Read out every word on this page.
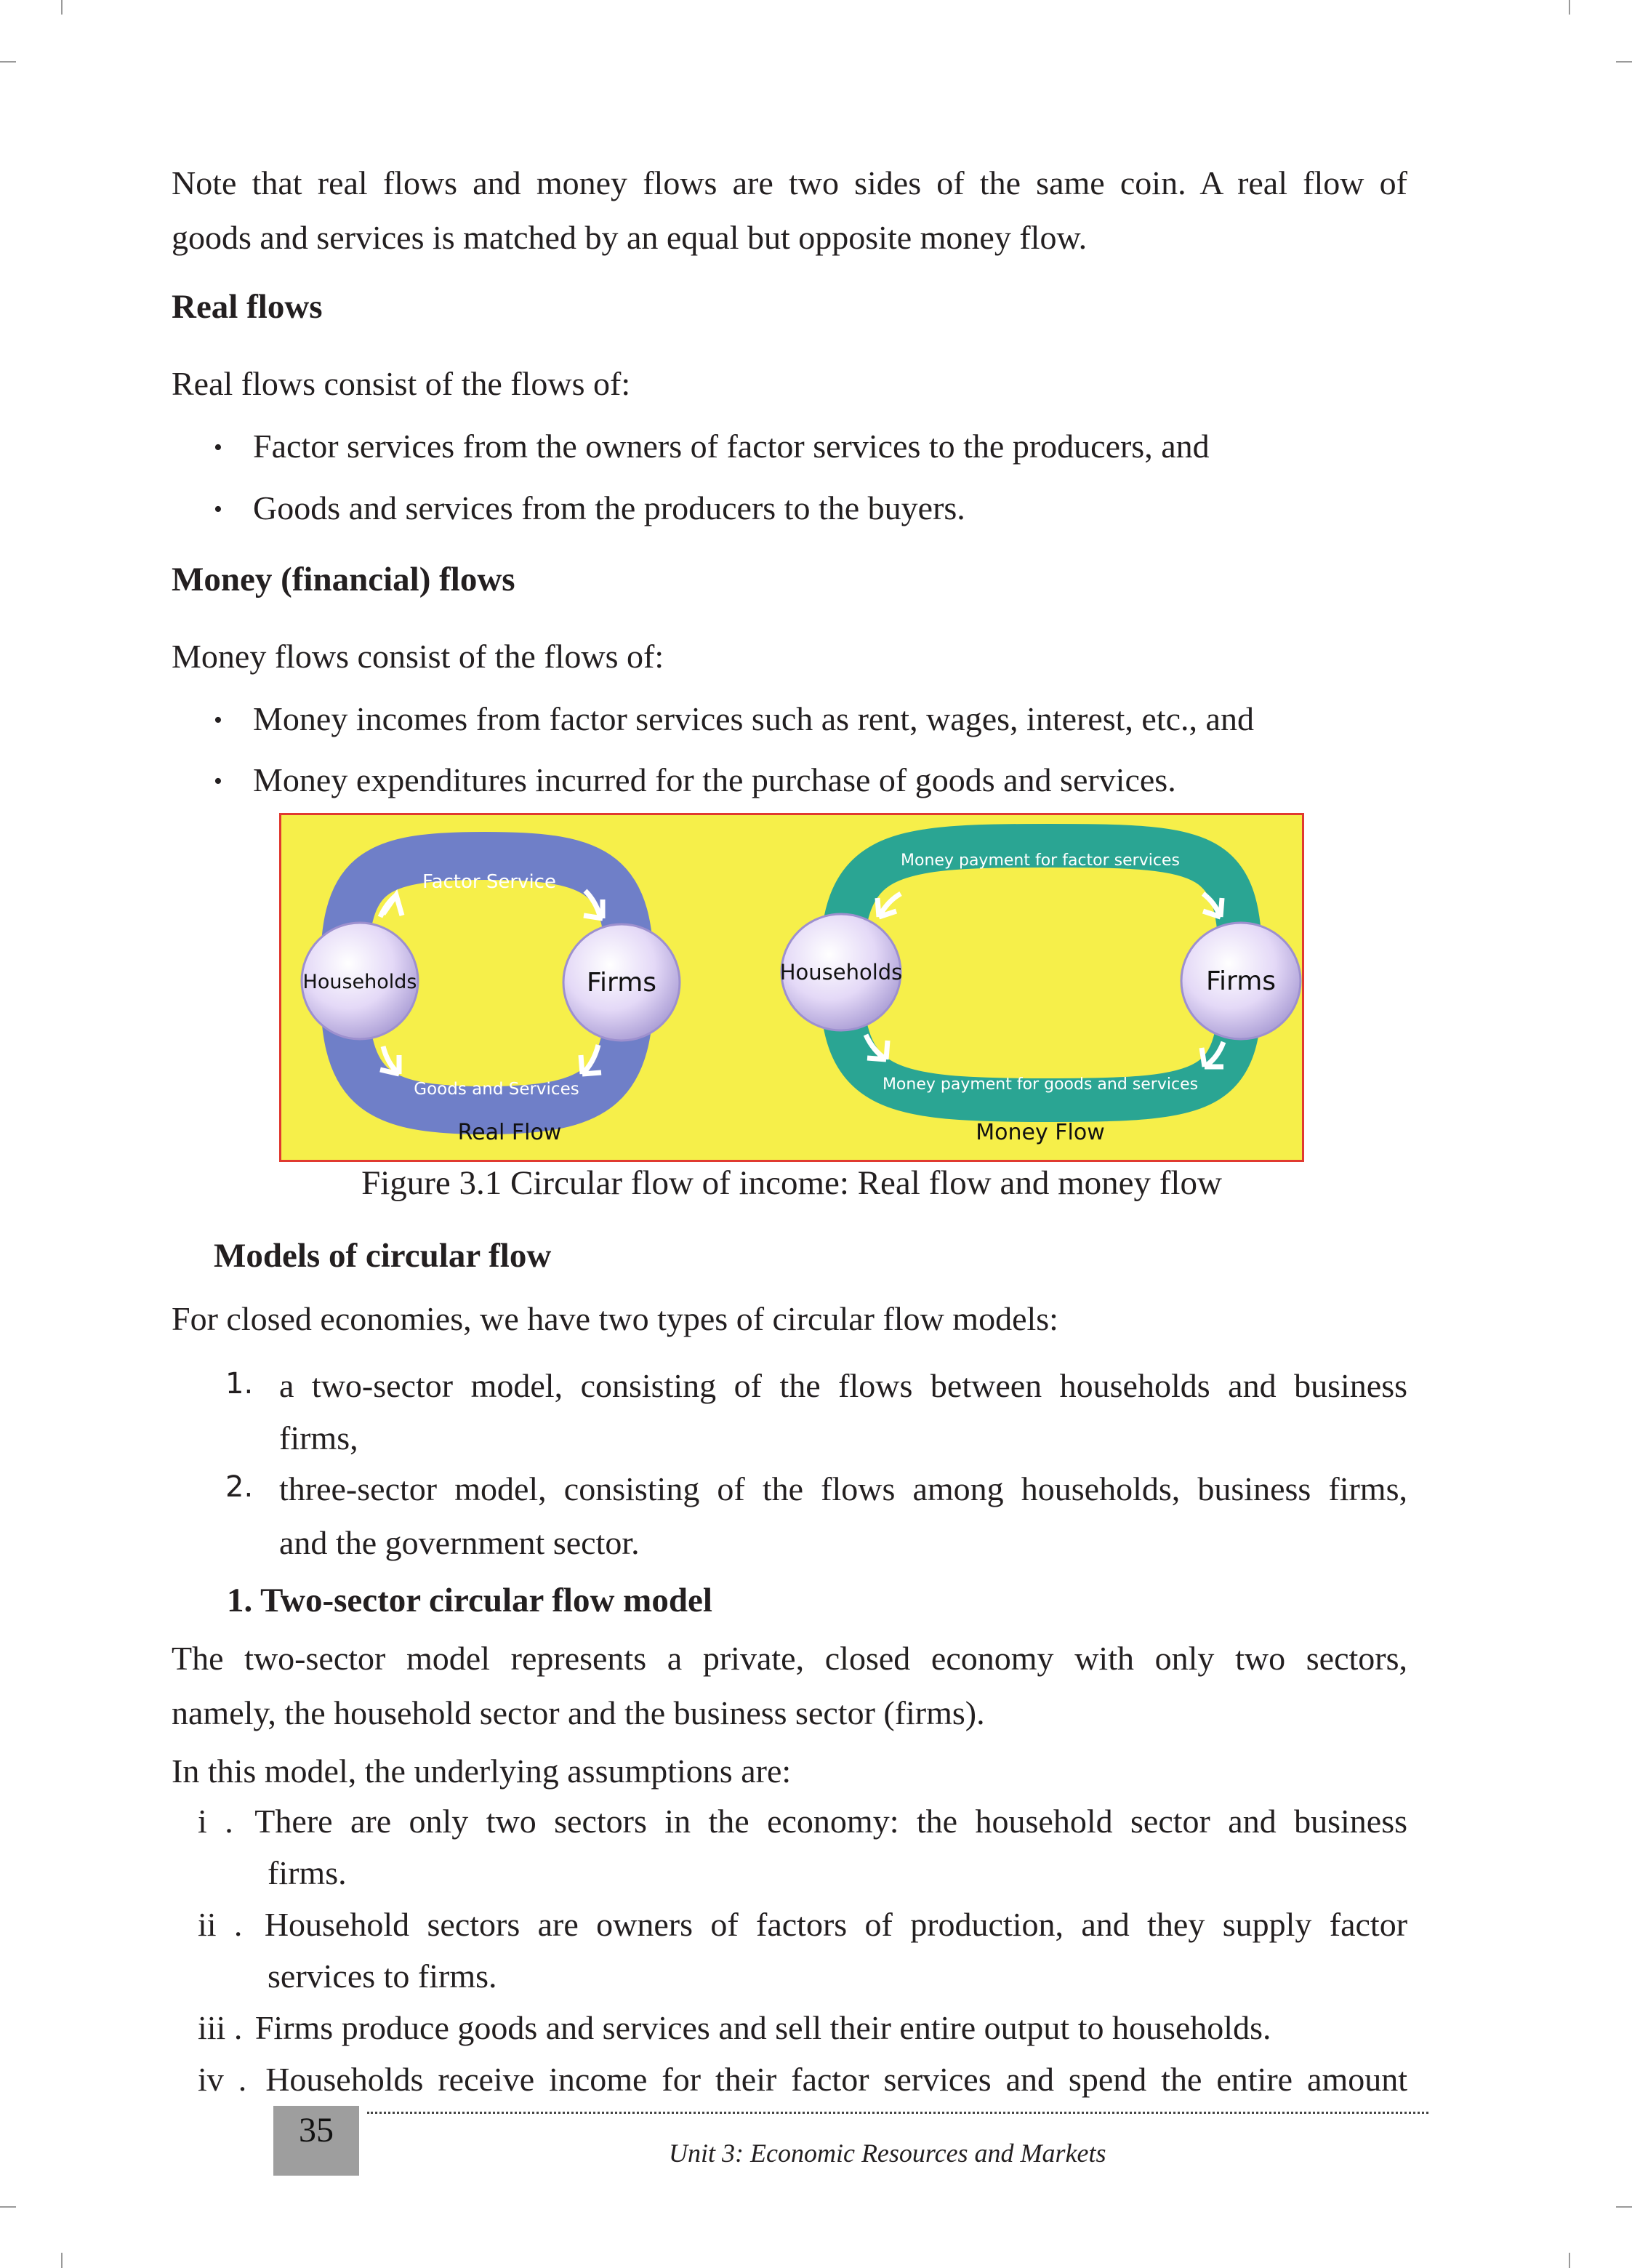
Note that real flows and money flows are two sides of the same coin. A real flow of
goods and services is matched by an equal but opposite money flow.
Real flows
Real flows consist of the flows of:
• Factor services from the owners of factor services to the producers, and
• Goods and services from the producers to the buyers.
Money (financial) flows
Money flows consist of the flows of:
• Money incomes from factor services such as rent, wages, interest, etc., and
• Money expenditures incurred for the purchase of goods and services.
Factor Service
Goods and Services
Households	Firms
Real Flow
Money payment for factor services
Money payment for goods and services
Households	Firms
Money Flow
Figure 3.1 Circular flow of income: Real flow and money flow
Models of circular flow
For closed economies, we have two types of circular flow models:
1. a two-sector model, consisting of the flows between households and business
firms,
2. three-sector model, consisting of the flows among households, business firms,
and the government sector.
1. Two-sector circular flow model
The two-sector model represents a private, closed economy with only two sectors,
namely, the household sector and the business sector (firms).
In this model, the underlying assumptions are:
i . There are only two sectors in the economy: the household sector and business
firms.
ii . Household sectors are owners of factors of production, and they supply factor
services to firms.
iii . Firms produce goods and services and sell their entire output to households.
iv . Households receive income for their factor services and spend the entire amount
35
Unit 3: Economic Resources and Markets
